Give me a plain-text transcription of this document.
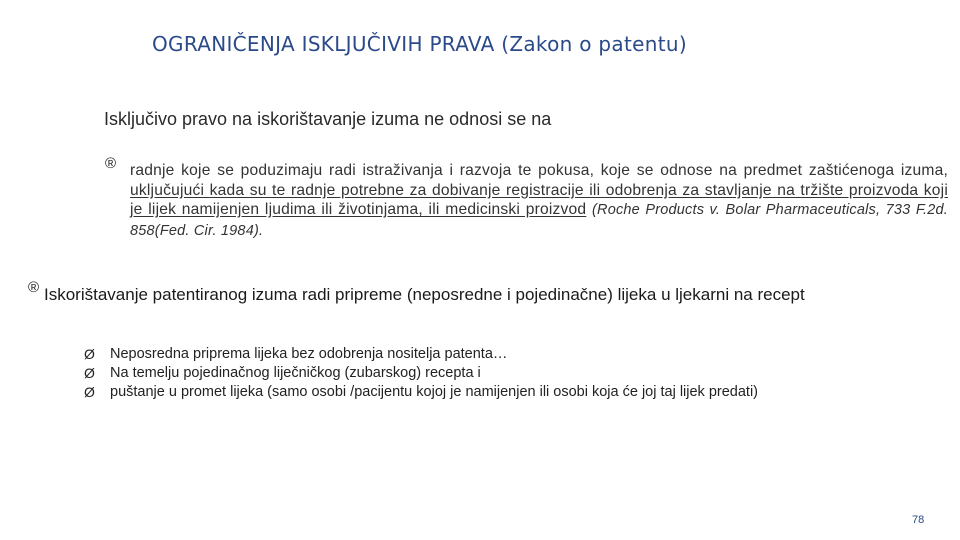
OGRANIČENJA ISKLJUČIVIH PRAVA (Zakon o patentu)

Isključivo pravo na iskorištavanje izuma ne odnosi se na

® radnje koje se poduzimaju radi istraživanja i razvoja te pokusa, koje se odnose na predmet zaštićenoga izuma, uključujući kada su te radnje potrebne za dobivanje registracije ili odobrenja za stavljanje na tržište proizvoda koji je lijek namijenjen ljudima ili životinjama, ili medicinski proizvod (Roche Products v. Bolar Pharmaceuticals, 733 F.2d. 858(Fed. Cir. 1984).

® Iskorištavanje patentiranog izuma radi pripreme (neposredne i pojedinačne) lijeka u ljekarni na recept

Ø Neposredna priprema lijeka bez odobrenja nositelja patenta…
Ø Na temelju pojedinačnog liječničkog (zubarskog) recepta i
Ø puštanje u promet lijeka (samo osobi /pacijentu kojoj je namijenjen ili osobi koja će joj taj lijek predati)
78
